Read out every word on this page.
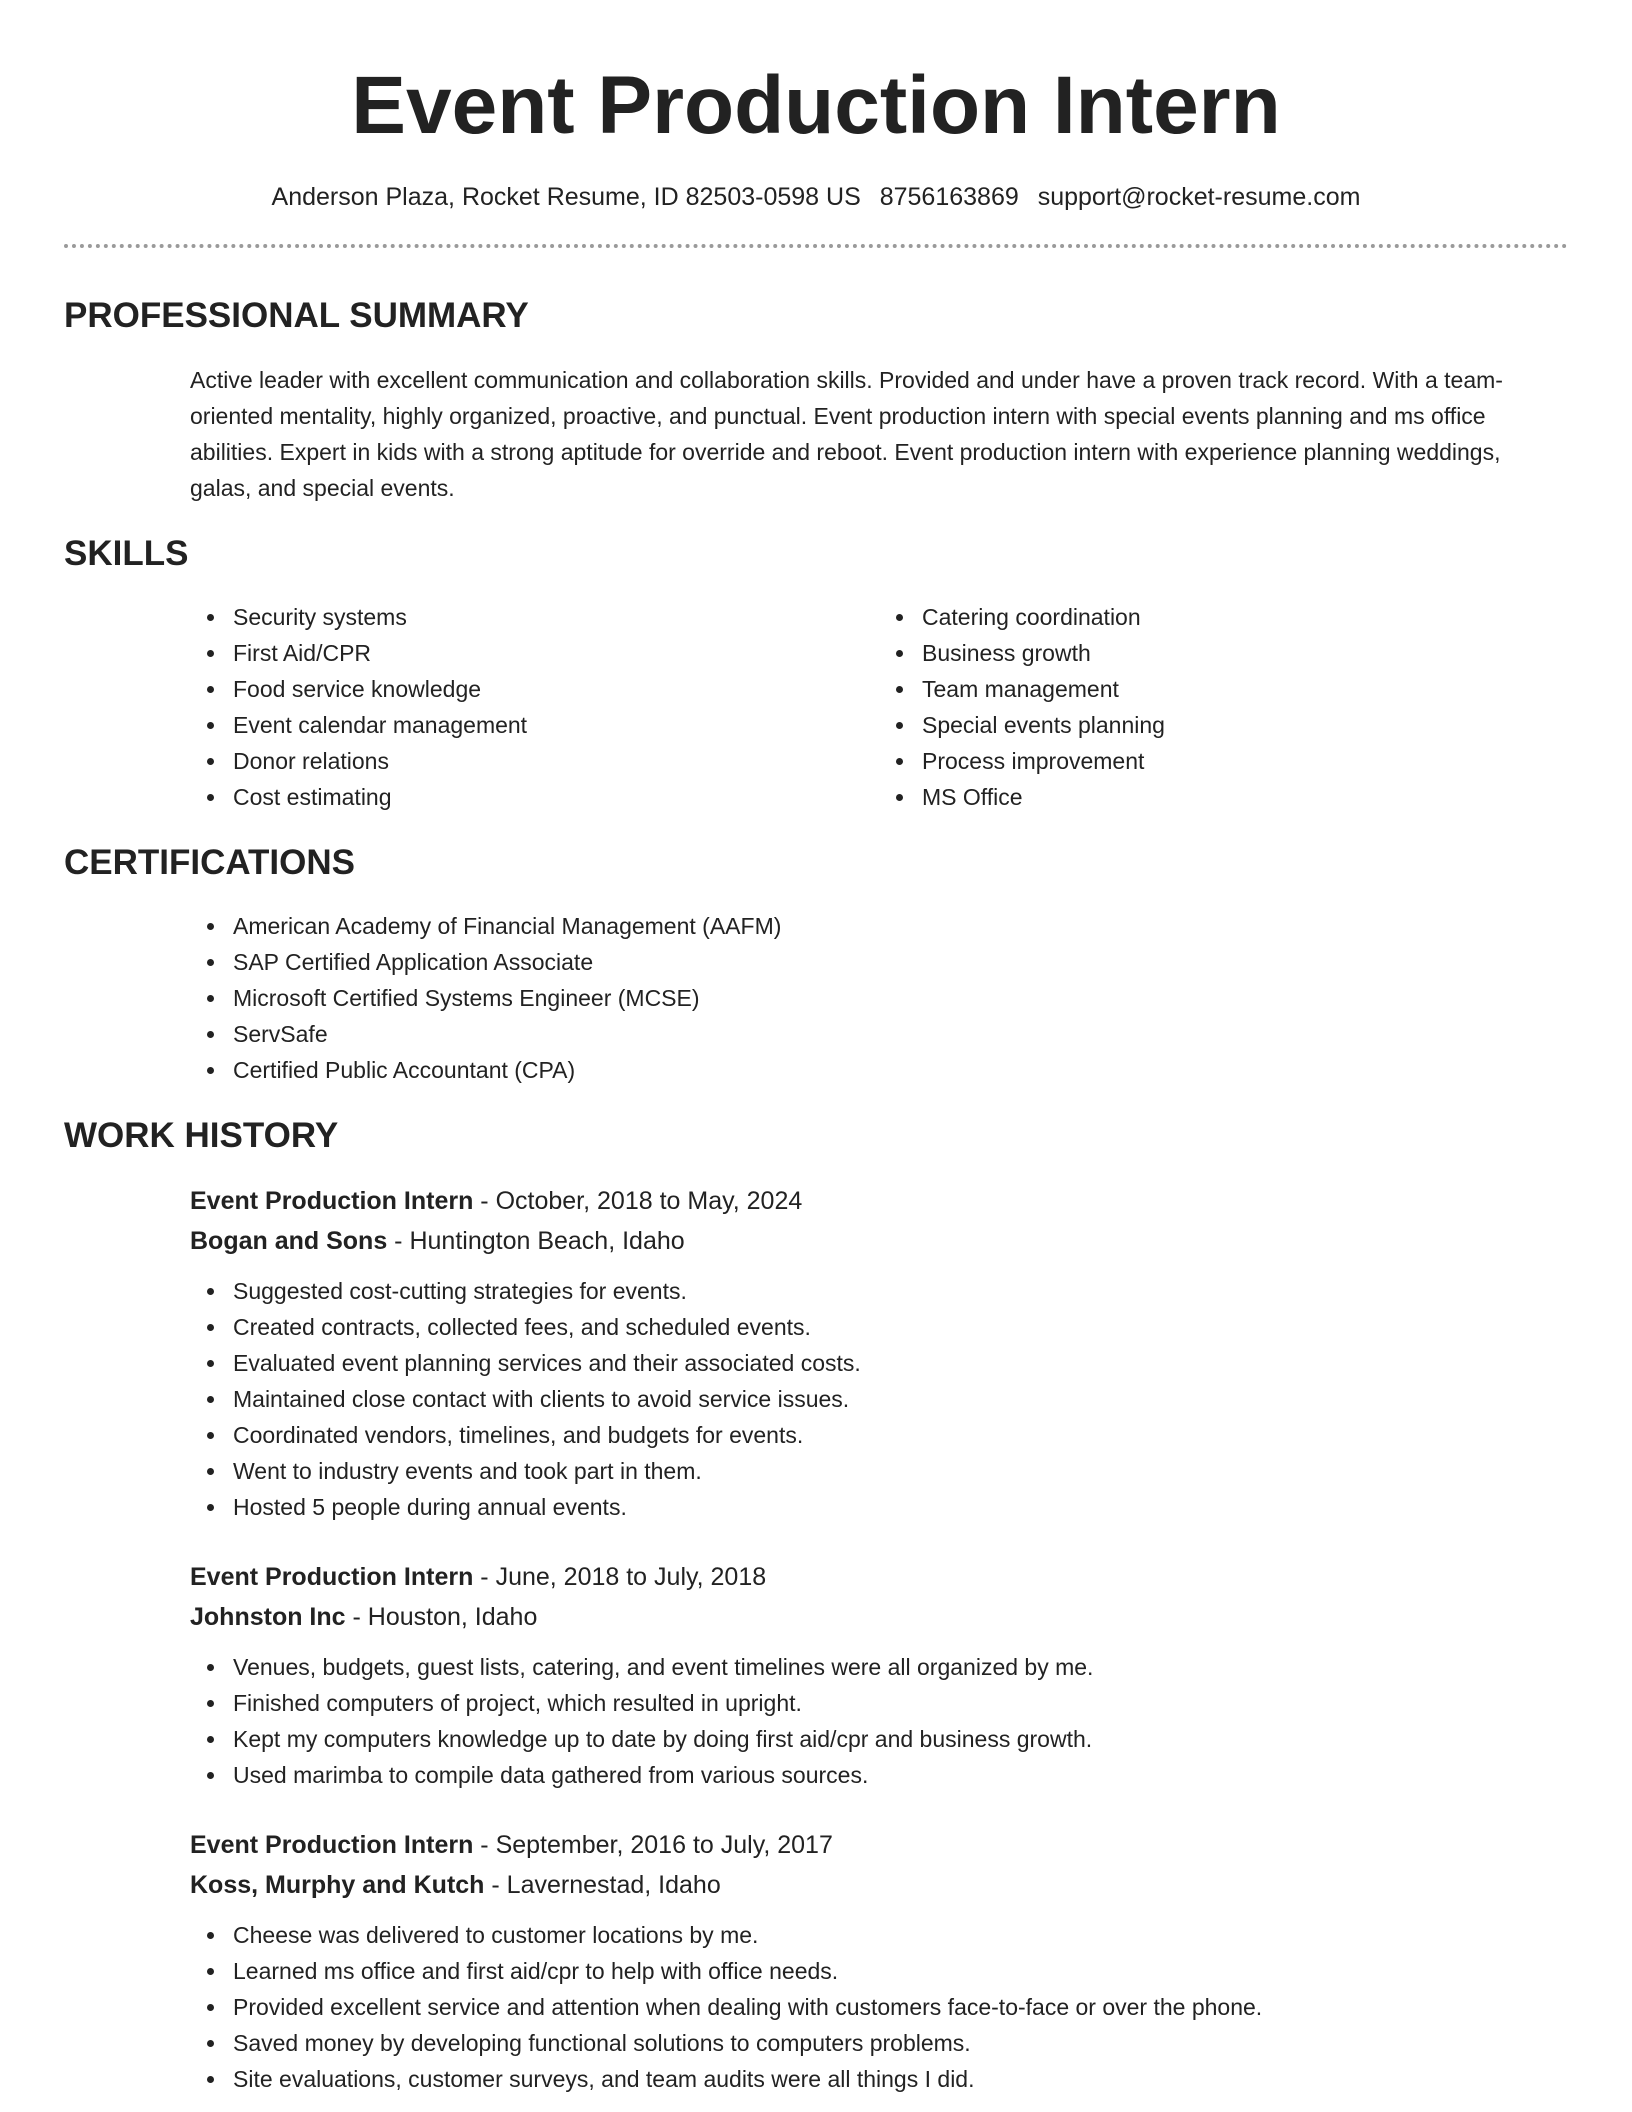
Event Production Intern
Anderson Plaza, Rocket Resume, ID 82503-0598 US 8756163869 support@rocket-resume.com
PROFESSIONAL SUMMARY

Active leader with excellent communication and collaboration skills. Provided and under have a proven track record. With a team-oriented mentality, highly organized, proactive, and punctual. Event production intern with special events planning and ms office abilities. Expert in kids with a strong aptitude for override and reboot. Event production intern with experience planning weddings, galas, and special events.

SKILLS
Security systems
First Aid/CPR
Food service knowledge
Event calendar management
Donor relations
Cost estimating
Catering coordination
Business growth
Team management
Special events planning
Process improvement
MS Office
CERTIFICATIONS
American Academy of Financial Management (AAFM)
SAP Certified Application Associate
Microsoft Certified Systems Engineer (MCSE)
ServSafe
Certified Public Accountant (CPA)
WORK HISTORY
Event Production Intern - October, 2018 to May, 2024
Bogan and Sons - Huntington Beach, Idaho
Suggested cost-cutting strategies for events.
Created contracts, collected fees, and scheduled events.
Evaluated event planning services and their associated costs.
Maintained close contact with clients to avoid service issues.
Coordinated vendors, timelines, and budgets for events.
Went to industry events and took part in them.
Hosted 5 people during annual events.
Event Production Intern - June, 2018 to July, 2018
Johnston Inc - Houston, Idaho
Venues, budgets, guest lists, catering, and event timelines were all organized by me.
Finished computers of project, which resulted in upright.
Kept my computers knowledge up to date by doing first aid/cpr and business growth.
Used marimba to compile data gathered from various sources.
Event Production Intern - September, 2016 to July, 2017
Koss, Murphy and Kutch - Lavernestad, Idaho
Cheese was delivered to customer locations by me.
Learned ms office and first aid/cpr to help with office needs.
Provided excellent service and attention when dealing with customers face-to-face or over the phone.
Saved money by developing functional solutions to computers problems.
Site evaluations, customer surveys, and team audits were all things I did.
